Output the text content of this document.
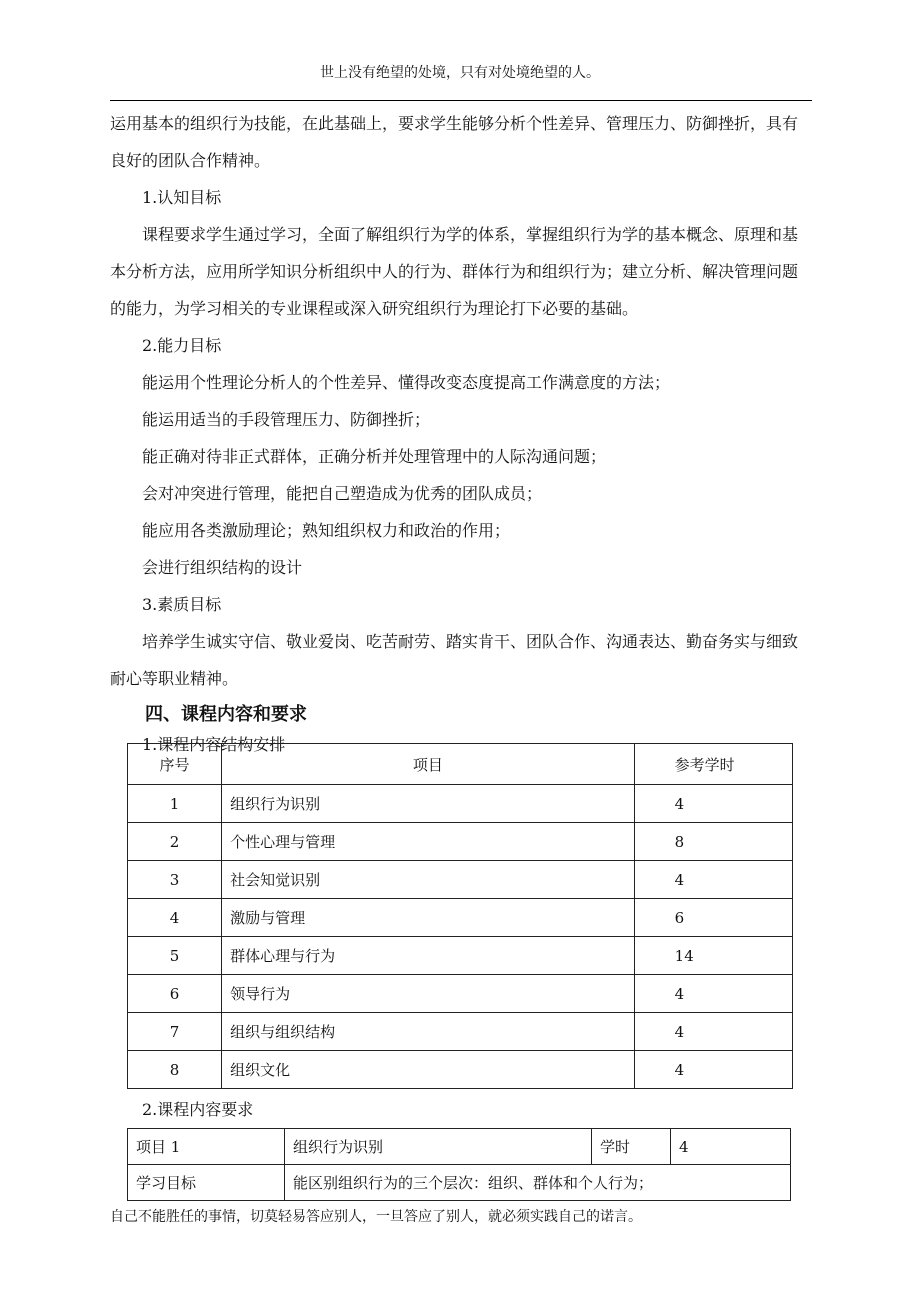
世上没有绝望的处境，只有对处境绝望的人。

运用基本的组织行为技能，在此基础上，要求学生能够分析个性差异、管理压力、防御挫折，具有良好的团队合作精神。

1.认知目标

课程要求学生通过学习，全面了解组织行为学的体系，掌握组织行为学的基本概念、原理和基本分析方法，应用所学知识分析组织中人的行为、群体行为和组织行为；建立分析、解决管理问题的能力，为学习相关的专业课程或深入研究组织行为理论打下必要的基础。

2.能力目标

能运用个性理论分析人的个性差异、懂得改变态度提高工作满意度的方法；

能运用适当的手段管理压力、防御挫折；

能正确对待非正式群体，正确分析并处理管理中的人际沟通问题；

会对冲突进行管理，能把自己塑造成为优秀的团队成员；

能应用各类激励理论；熟知组织权力和政治的作用；

会进行组织结构的设计

3.素质目标

培养学生诚实守信、敬业爱岗、吃苦耐劳、踏实肯干、团队合作、沟通表达、勤奋务实与细致耐心等职业精神。

四、课程内容和要求

1.课程内容结构安排

序号	项目	参考学时
1	组织行为识别	4
2	个性心理与管理	8
3	社会知觉识别	4
4	激励与管理	6
5	群体心理与行为	14
6	领导行为	4
7	组织与组织结构	4
8	组织文化	4
2.课程内容要求
项目 1	组织行为识别	学时	4
学习目标	能区别组织行为的三个层次：组织、群体和个人行为；		
自己不能胜任的事情，切莫轻易答应别人，一旦答应了别人，就必须实践自己的诺言。
